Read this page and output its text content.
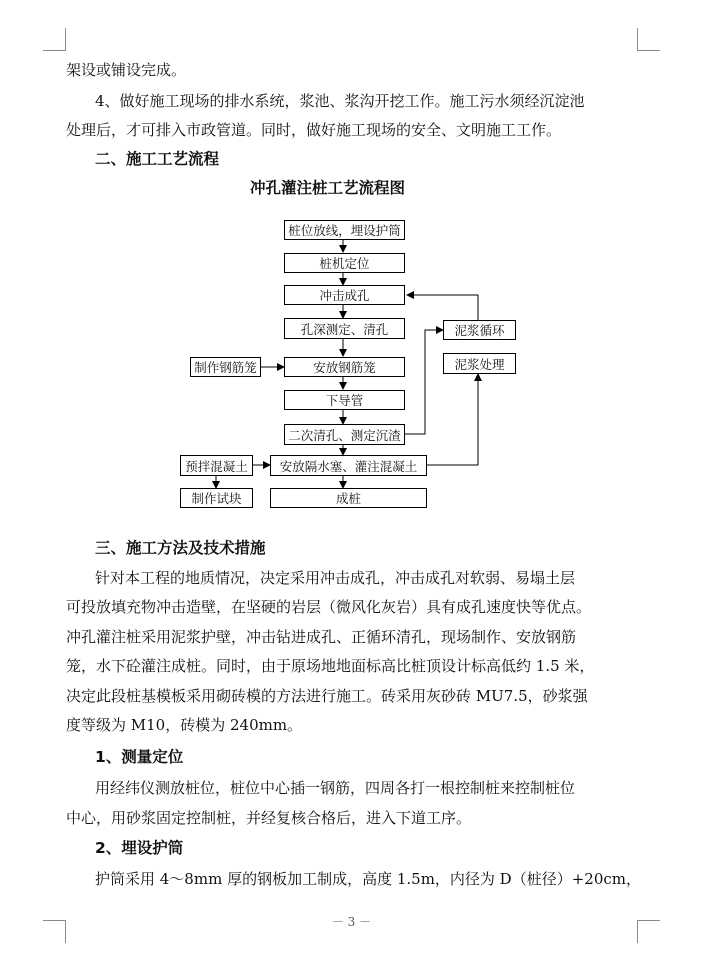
架设或铺设完成。
4、做好施工现场的排水系统，浆池、浆沟开挖工作。施工污水须经沉淀池
处理后，才可排入市政管道。同时，做好施工现场的安全、文明施工工作。
二、施工工艺流程
冲孔灌注桩工艺流程图
桩位放线，埋设护筒
桩机定位
冲击成孔
孔深测定、清孔
安放钢筋笼
下导管
二次清孔、测定沉渣
安放隔水塞、灌注混凝土
成桩
制作钢筋笼
预拌混凝土
制作试块
泥浆循环
泥浆处理
三、施工方法及技术措施
针对本工程的地质情况，决定采用冲击成孔，冲击成孔对软弱、易塌土层
可投放填充物冲击造壁，在坚硬的岩层（微风化灰岩）具有成孔速度快等优点。
冲孔灌注桩采用泥浆护壁，冲击钻进成孔、正循环清孔，现场制作、安放钢筋
笼，水下砼灌注成桩。同时，由于原场地地面标高比桩顶设计标高低约 1.5 米，
决定此段桩基模板采用砌砖模的方法进行施工。砖采用灰砂砖 MU7.5，砂浆强
度等级为 M10，砖模为 240mm。
1、测量定位
用经纬仪测放桩位，桩位中心插一钢筋，四周各打一根控制桩来控制桩位
中心，用砂浆固定控制桩，并经复核合格后，进入下道工序。
2、埋设护筒
护筒采用 4～8mm 厚的钢板加工制成，高度 1.5m，内径为 D（桩径）+20cm，
－ 3 －
